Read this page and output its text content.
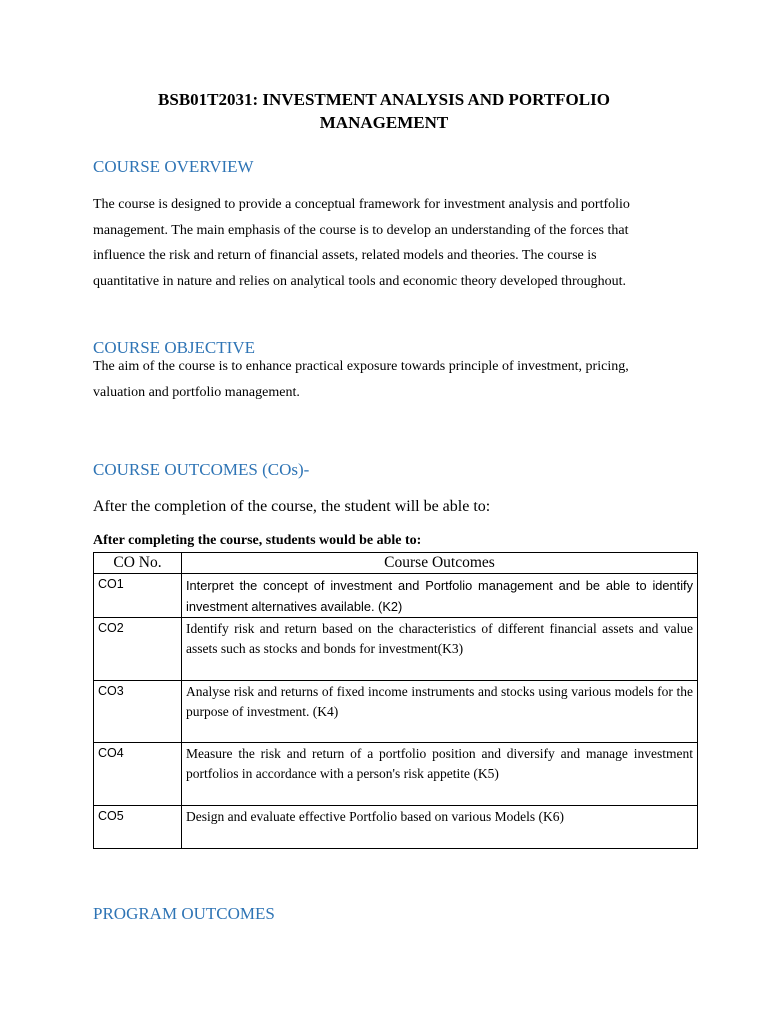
BSB01T2031: INVESTMENT ANALYSIS AND PORTFOLIO
MANAGEMENT
COURSE OVERVIEW

The course is designed to provide a conceptual framework for investment analysis and portfolio management. The main emphasis of the course is to develop an understanding of the forces that influence the risk and return of financial assets, related models and theories. The course is quantitative in nature and relies on analytical tools and economic theory developed throughout.

COURSE OBJECTIVE

The aim of the course is to enhance practical exposure towards principle of investment, pricing, valuation and portfolio management.

COURSE OUTCOMES (COs)-

After the completion of the course, the student will be able to:

After completing the course, students would be able to:

CO No.	Course Outcomes
CO1	Interpret the concept of investment and Portfolio management and be able to identify investment alternatives available. (K2)
CO2	Identify risk and return based on the characteristics of different financial assets and value assets such as stocks and bonds for investment(K3)
CO3	Analyse risk and returns of fixed income instruments and stocks using various models for the purpose of investment. (K4)
CO4	Measure the risk and return of a portfolio position and diversify and manage investment portfolios in accordance with a person's risk appetite (K5)
CO5	Design and evaluate effective Portfolio based on various Models (K6)
PROGRAM OUTCOMES
